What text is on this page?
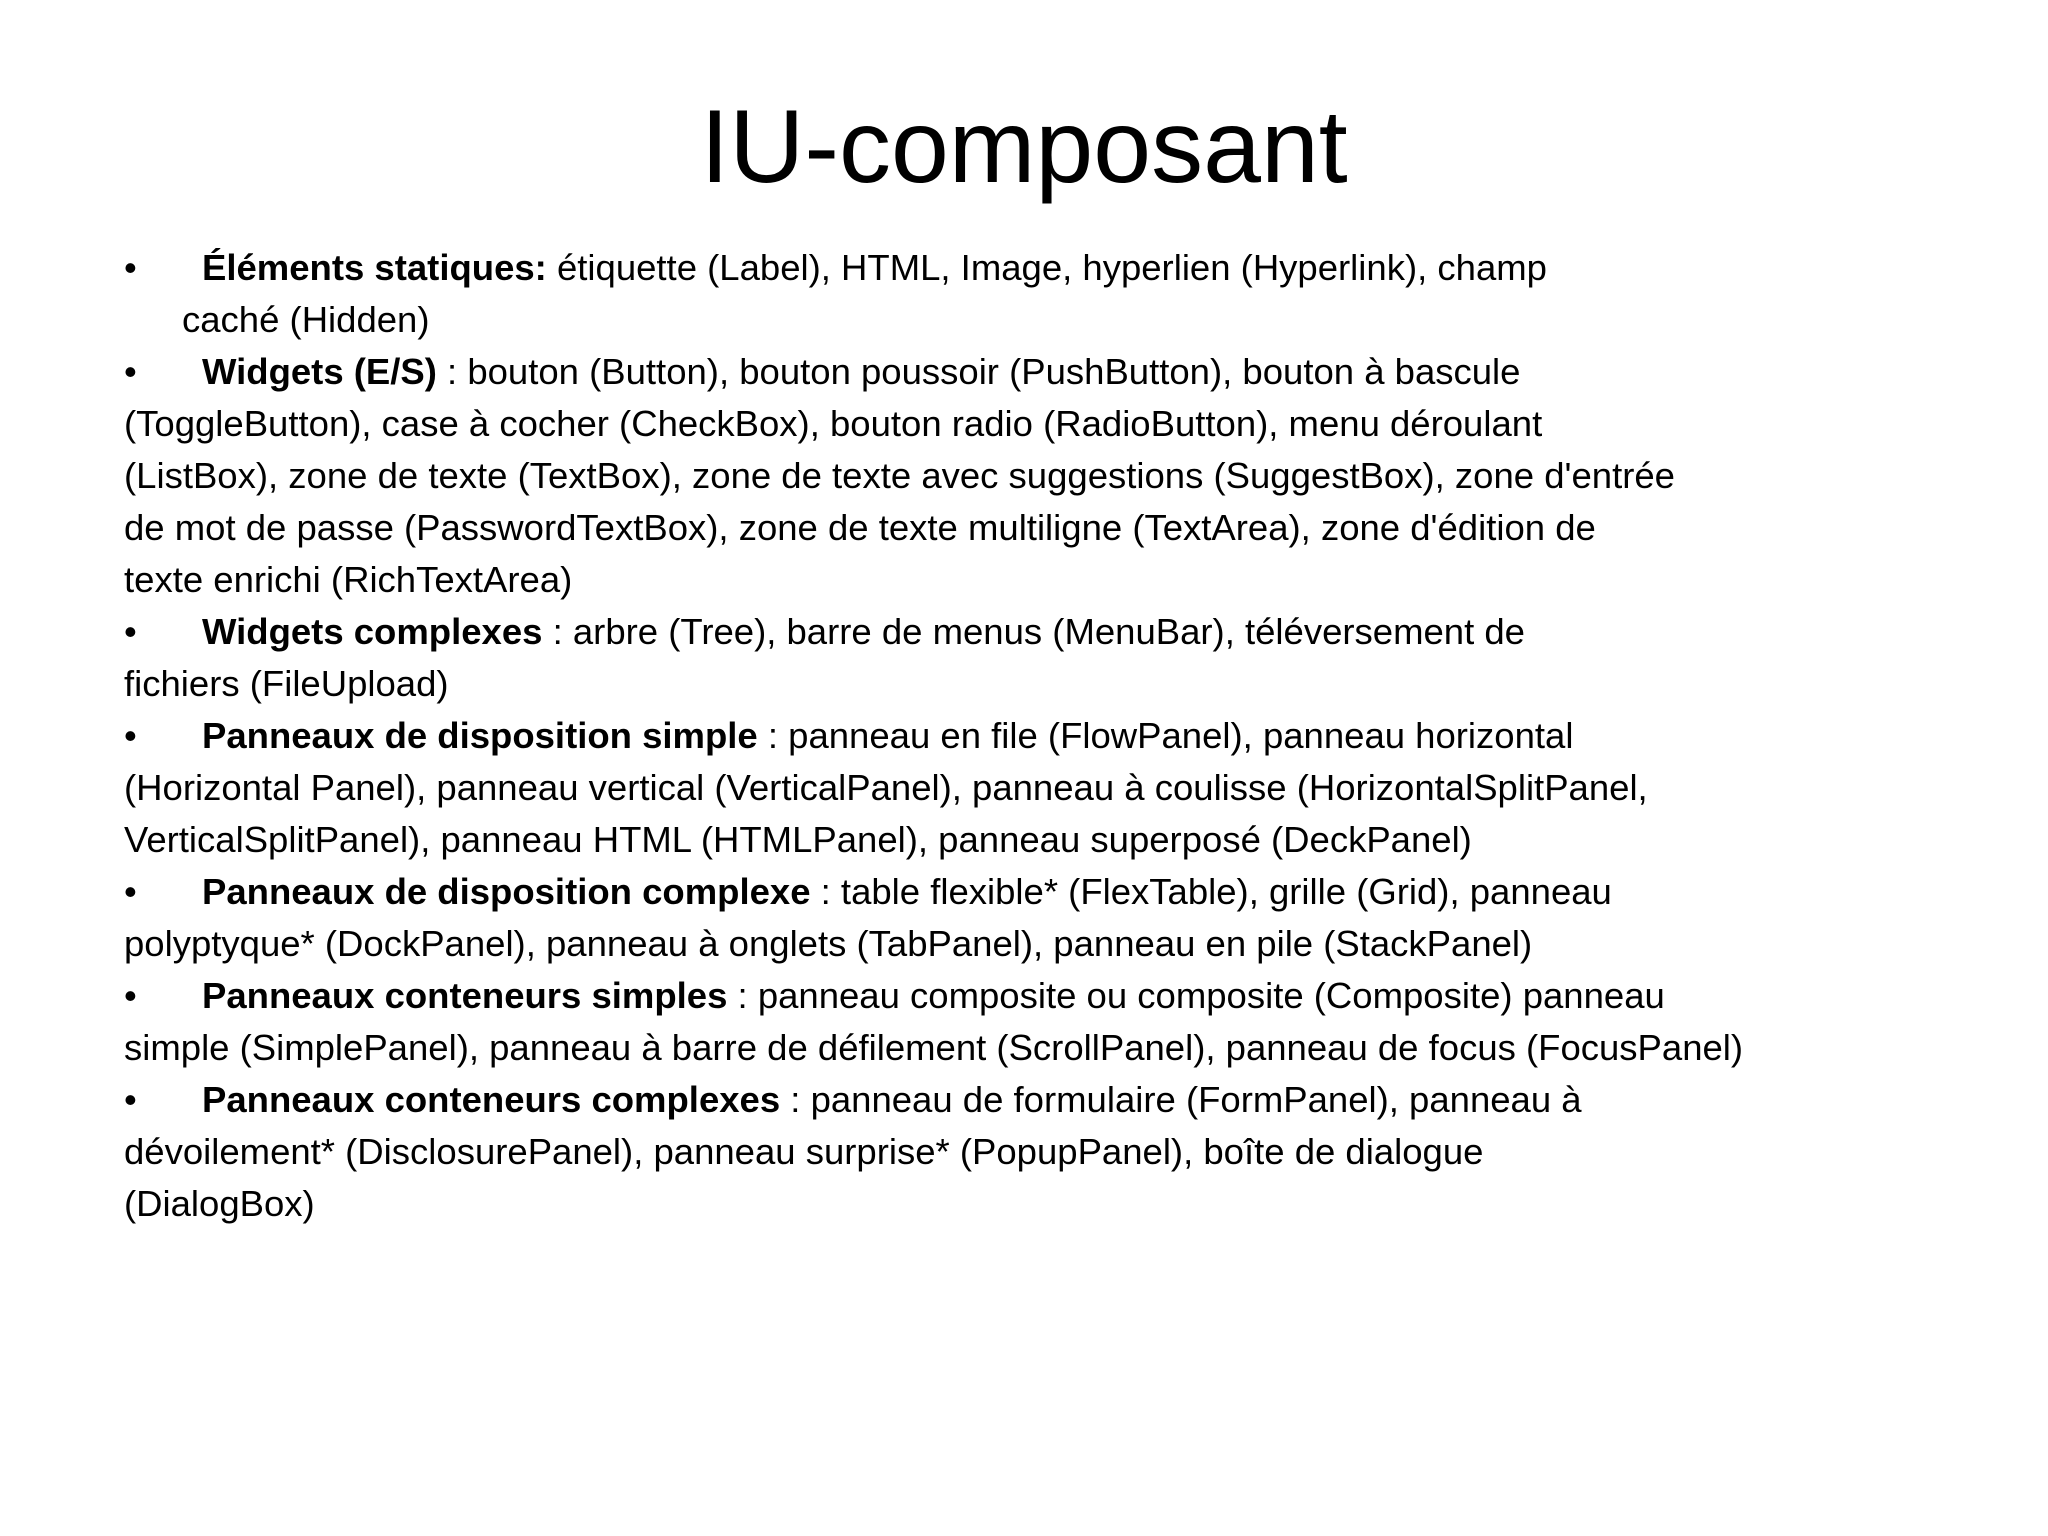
IU-composant

• Éléments statiques: étiquette (Label), HTML, Image, hyperlien (Hyperlink), champ
caché (Hidden)

• Widgets (E/S) : bouton (Button), bouton poussoir (PushButton), bouton à bascule (ToggleButton), case à cocher (CheckBox), bouton radio (RadioButton), menu déroulant (ListBox), zone de texte (TextBox), zone de texte avec suggestions (SuggestBox), zone d'entrée de mot de passe (PasswordTextBox), zone de texte multiligne (TextArea), zone d'édition de texte enrichi (RichTextArea)

• Widgets complexes : arbre (Tree), barre de menus (MenuBar), téléversement de fichiers (FileUpload)

• Panneaux de disposition simple : panneau en file (FlowPanel), panneau horizontal (Horizontal Panel), panneau vertical (VerticalPanel), panneau à coulisse (HorizontalSplitPanel, VerticalSplitPanel), panneau HTML (HTMLPanel), panneau superposé (DeckPanel)

• Panneaux de disposition complexe : table flexible* (FlexTable), grille (Grid), panneau polyptyque* (DockPanel), panneau à onglets (TabPanel), panneau en pile (StackPanel)

• Panneaux conteneurs simples : panneau composite ou composite (Composite) panneau simple (SimplePanel), panneau à barre de défilement (ScrollPanel), panneau de focus (FocusPanel)

• Panneaux conteneurs complexes : panneau de formulaire (FormPanel), panneau à dévoilement* (DisclosurePanel), panneau surprise* (PopupPanel), boîte de dialogue (DialogBox)
